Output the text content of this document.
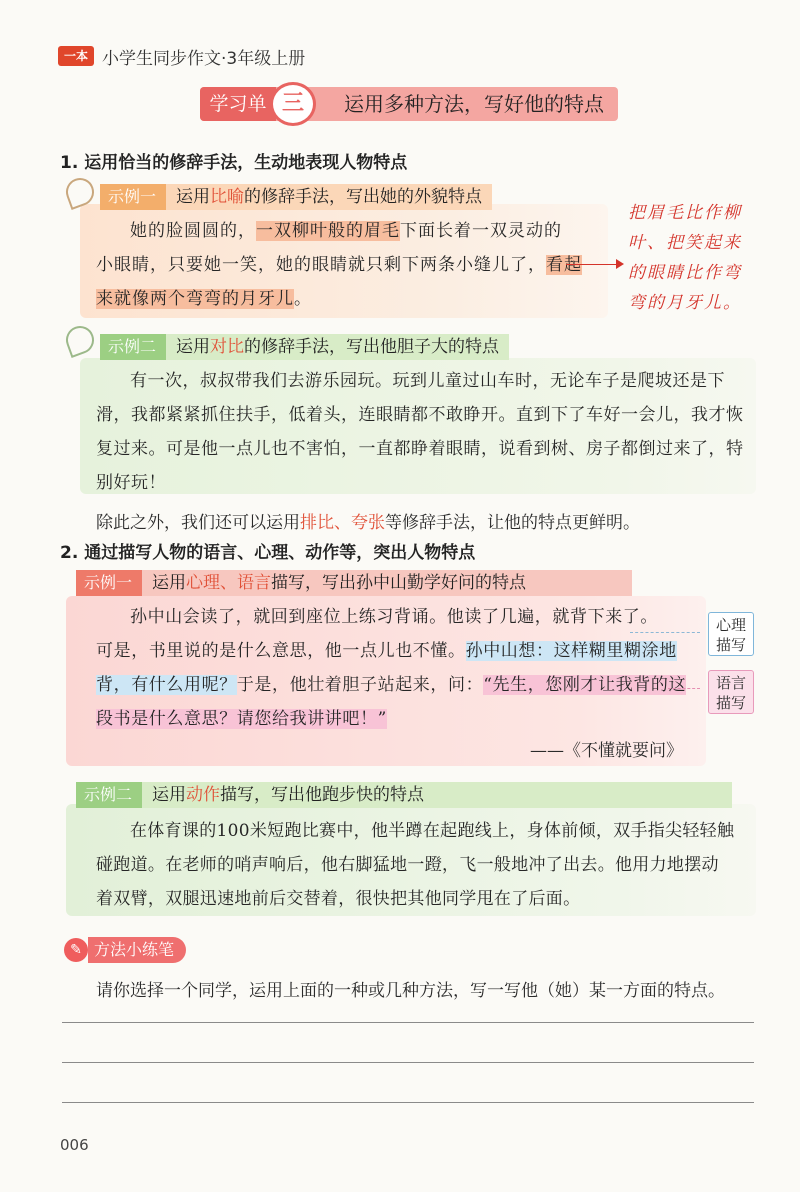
一本 小学生同步作文·3年级上册
学习单 三	运用多种方法，写好他的特点
1. 运用恰当的修辞手法，生动地表现人物特点
示例一	运用比喻的修辞手法，写出她的外貌特点
她的脸圆圆的，一双柳叶般的眉毛下面长着一双灵动的
小眼睛，只要她一笑，她的眼睛就只剩下两条小缝儿了，看起
来就像两个弯弯的月牙儿。
把眉毛比作柳叶、把笑起来的眼睛比作弯弯的月牙儿。
示例二	运用对比的修辞手法，写出他胆子大的特点
有一次，叔叔带我们去游乐园玩。玩到儿童过山车时，无论车子是爬坡还是下
滑，我都紧紧抓住扶手，低着头，连眼睛都不敢睁开。直到下了车好一会儿，我才恢
复过来。可是他一点儿也不害怕，一直都睁着眼睛，说看到树、房子都倒过来了，特
别好玩！
除此之外，我们还可以运用排比、夸张等修辞手法，让他的特点更鲜明。
2. 通过描写人物的语言、心理、动作等，突出人物特点
示例一	运用心理、语言描写，写出孙中山勤学好问的特点
孙中山会读了，就回到座位上练习背诵。他读了几遍，就背下来了。
可是，书里说的是什么意思，他一点儿也不懂。孙中山想：这样糊里糊涂地
背，有什么用呢？于是，他壮着胆子站起来，问：“先生，您刚才让我背的这
段书是什么意思？请您给我讲讲吧！”
——《不懂就要问》
心理
描写
语言
描写
示例二	运用动作描写，写出他跑步快的特点
在体育课的100米短跑比赛中，他半蹲在起跑线上，身体前倾，双手指尖轻轻触
碰跑道。在老师的哨声响后，他右脚猛地一蹬，飞一般地冲了出去。他用力地摆动
着双臂，双腿迅速地前后交替着，很快把其他同学甩在了后面。
✎ 方法小练笔
请你选择一个同学，运用上面的一种或几种方法，写一写他（她）某一方面的特点。
006
